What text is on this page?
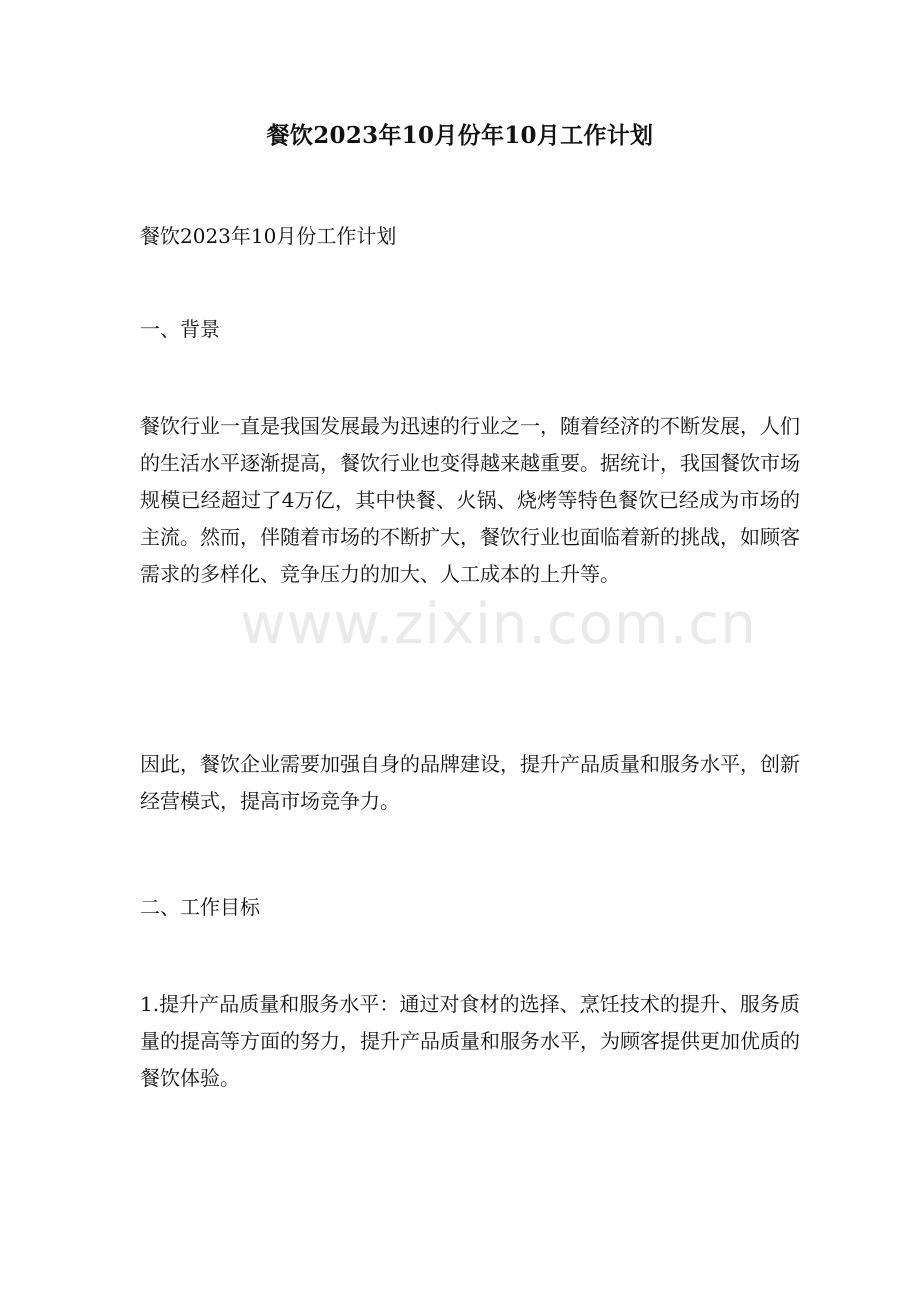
餐饮2023年10月份年10月工作计划

餐饮2023年10月份工作计划

一、背景

餐饮行业一直是我国发展最为迅速的行业之一，随着经济的不断发展，人们的生活水平逐渐提高，餐饮行业也变得越来越重要。据统计，我国餐饮市场规模已经超过了4万亿，其中快餐、火锅、烧烤等特色餐饮已经成为市场的主流。然而，伴随着市场的不断扩大，餐饮行业也面临着新的挑战，如顾客需求的多样化、竞争压力的加大、人工成本的上升等。

因此，餐饮企业需要加强自身的品牌建设，提升产品质量和服务水平，创新经营模式，提高市场竞争力。

二、工作目标

1.提升产品质量和服务水平：通过对食材的选择、烹饪技术的提升、服务质量的提高等方面的努力，提升产品质量和服务水平，为顾客提供更加优质的餐饮体验。

www.zixin.com.cn
